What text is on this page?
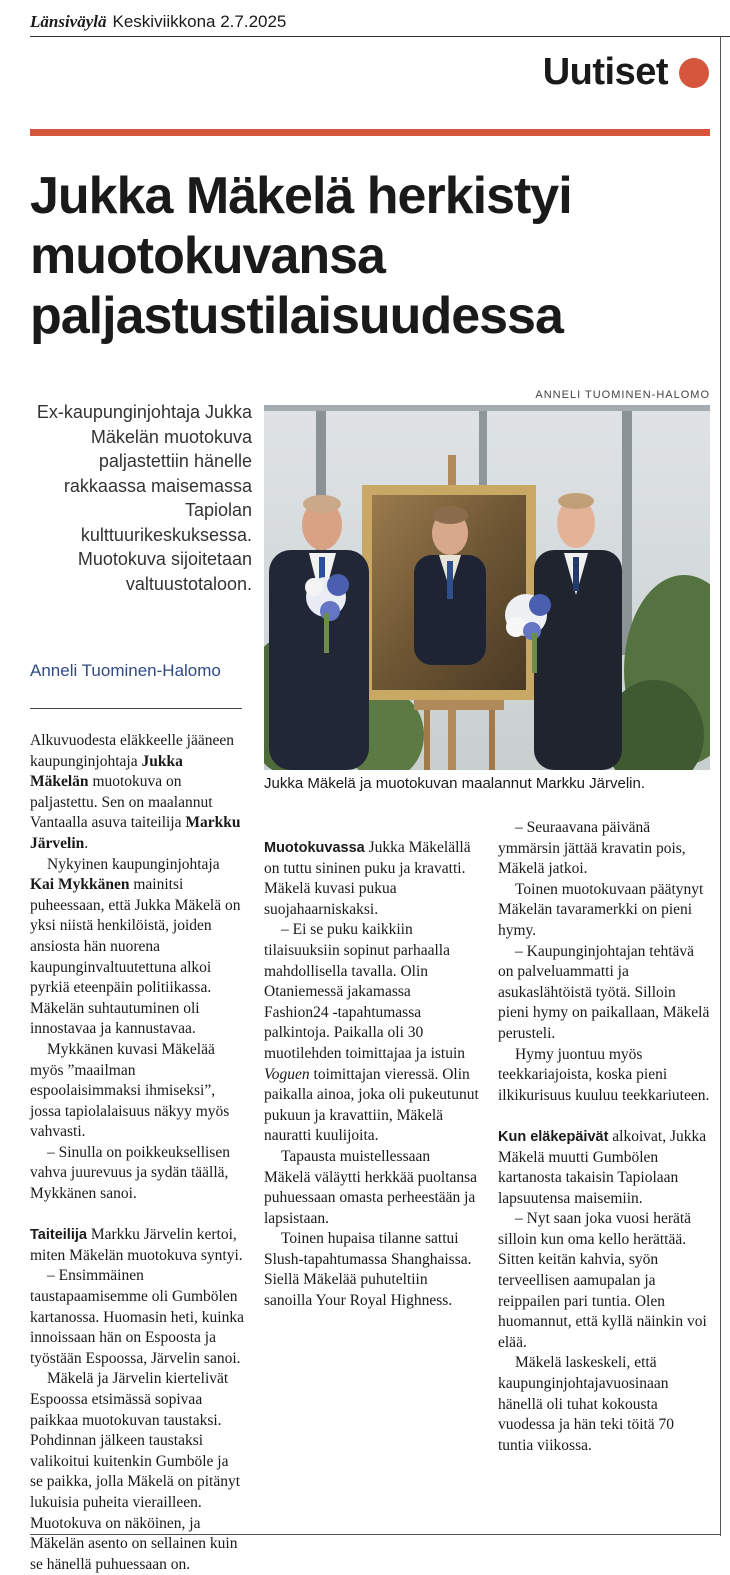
Länsiväylä Keskiviikkona 2.7.2025
Uutiset
Jukka Mäkelä herkistyi muotokuvansa paljastustilaisuudessa
Ex-kaupunginjohtaja Jukka Mäkelän muotokuva paljastettiin hänelle rakkaassa maisemassa Tapiolan kulttuurikeskuksessa. Muotokuva sijoitetaan valtuustotaloon.
Anneli Tuominen-Halomo
ANNELI TUOMINEN-HALOMO
Jukka Mäkelä ja muotokuvan maalannut Markku Järvelin.

Alkuvuodesta eläkkeelle jääneen kaupunginjohtaja Jukka Mäkelän muotokuva on paljastettu. Sen on maalannut Vantaalla asuva taiteilija Markku Järvelin.

Nykyinen kaupunginjohtaja Kai Mykkänen mainitsi puheessaan, että Jukka Mäkelä on yksi niistä henkilöistä, joiden ansiosta hän nuorena kaupunginvaltuutettuna alkoi pyrkiä eteenpäin politiikassa. Mäkelän suhtautuminen oli innostavaa ja kannustavaa.

Mykkänen kuvasi Mäkelää myös ”maailman espoolaisimmaksi ihmiseksi”, jossa tapiolalaisuus näkyy myös vahvasti.

– Sinulla on poikkeuksellisen vahva juurevuus ja sydän täällä, Mykkänen sanoi.

Taiteilija Markku Järvelin kertoi, miten Mäkelän muotokuva syntyi.

– Ensimmäinen taustapaamisemme oli Gumbölen kartanossa. Huomasin heti, kuinka innoissaan hän on Espoosta ja työstään Espoossa, Järvelin sanoi.

Mäkelä ja Järvelin kiertelivät Espoossa etsimässä sopivaa paikkaa muotokuvan taustaksi. Pohdinnan jälkeen taustaksi valikoitui kuitenkin Gumböle ja se paikka, jolla Mäkelä on pitänyt lukuisia puheita vierailleen. Muotokuva on näköinen, ja Mäkelän asento on sellainen kuin se hänellä puhuessaan on.

Muotokuvassa Jukka Mäkelällä on tuttu sininen puku ja kravatti. Mäkelä kuvasi pukua suojahaarniskaksi.

– Ei se puku kaikkiin tilaisuuksiin sopinut parhaalla mahdollisella tavalla. Olin Otaniemessä jakamassa Fashion24 -tapahtumassa palkintoja. Paikalla oli 30 muotilehden toimittajaa ja istuin Voguen toimittajan vieressä. Olin paikalla ainoa, joka oli pukeutunut pukuun ja kravattiin, Mäkelä nauratti kuulijoita.

Tapausta muistellessaan Mäkelä väläytti herkkää puoltansa puhuessaan omasta perheestään ja lapsistaan.

Toinen hupaisa tilanne sattui Slush-tapahtumassa Shanghaissa. Siellä Mäkelää puhuteltiin sanoilla Your Royal Highness.

– Seuraavana päivänä ymmärsin jättää kravatin pois, Mäkelä jatkoi.

Toinen muotokuvaan päätynyt Mäkelän tavaramerkki on pieni hymy.

– Kaupunginjohtajan tehtävä on palveluammatti ja asukaslähtöistä työtä. Silloin pieni hymy on paikallaan, Mäkelä perusteli.

Hymy juontuu myös teekkariajoista, koska pieni ilkikurisuus kuuluu teekkariuteen.

Kun eläkepäivät alkoivat, Jukka Mäkelä muutti Gumbölen kartanosta takaisin Tapiolaan lapsuutensa maisemiin.

– Nyt saan joka vuosi herätä silloin kun oma kello herättää. Sitten keitän kahvia, syön terveellisen aamupalan ja reippailen pari tuntia. Olen huomannut, että kyllä näinkin voi elää.

Mäkelä laskeskeli, että kaupunginjohtajavuosinaan hänellä oli tuhat kokousta vuodessa ja hän teki töitä 70 tuntia viikossa.
